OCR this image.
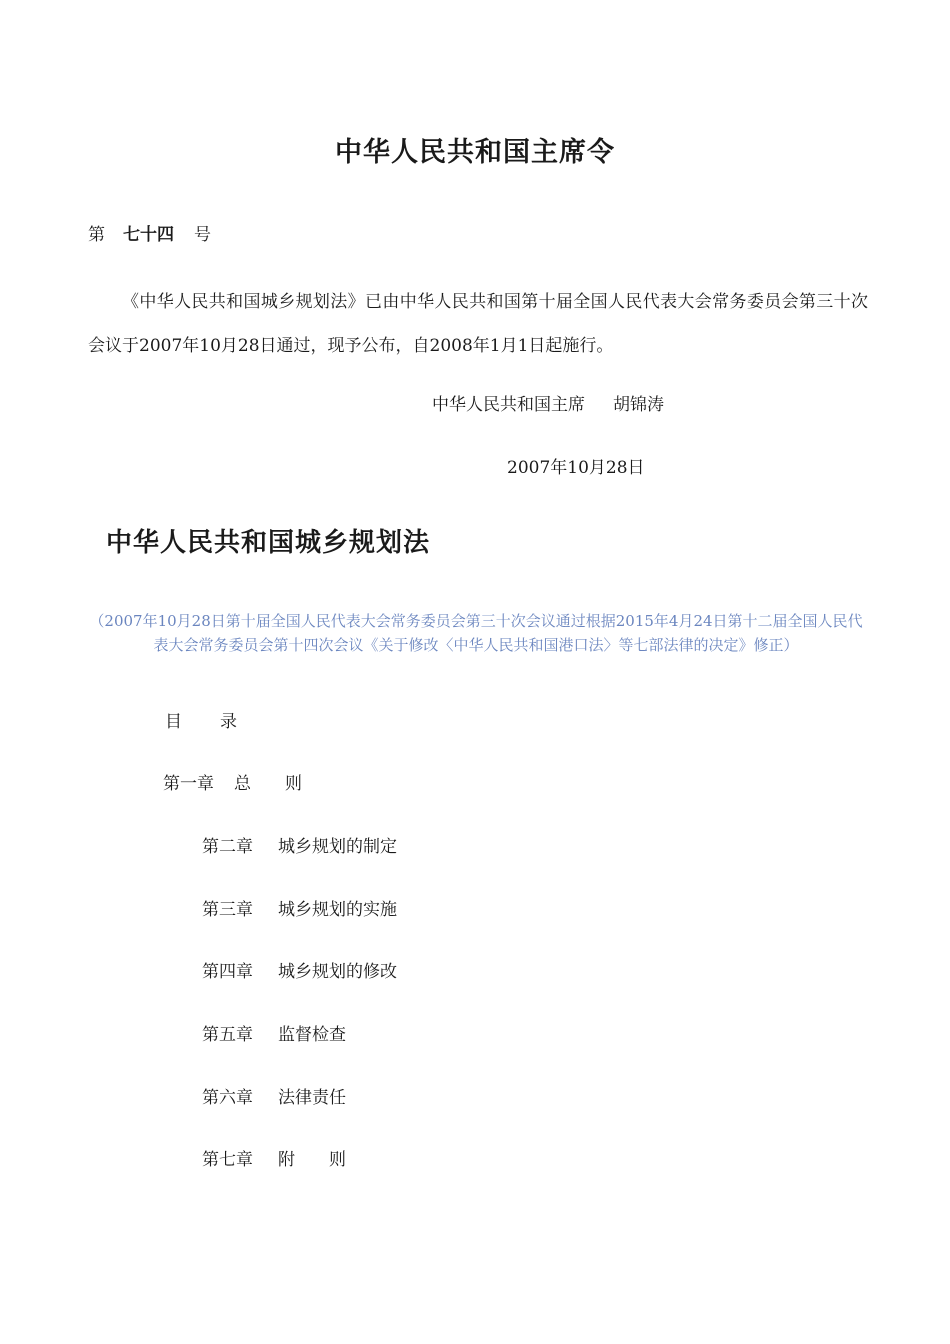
中华人民共和国主席令
第 七十四 号
《中华人民共和国城乡规划法》已由中华人民共和国第十届全国人民代表大会常务委员会第三十次会议于2007年10月28日通过，现予公布，自2008年1月1日起施行。
中华人民共和国主席 胡锦涛
2007年10月28日
中华人民共和国城乡规划法
（2007年10月28日第十届全国人民代表大会常务委员会第三十次会议通过根据2015年4月24日第十二届全国人民代表大会常务委员会第十四次会议《关于修改〈中华人民共和国港口法〉等七部法律的决定》修正）
目 录
第一章 总　　则
第二章 城乡规划的制定
第三章 城乡规划的实施
第四章 城乡规划的修改
第五章 监督检查
第六章 法律责任
第七章 附　　则
